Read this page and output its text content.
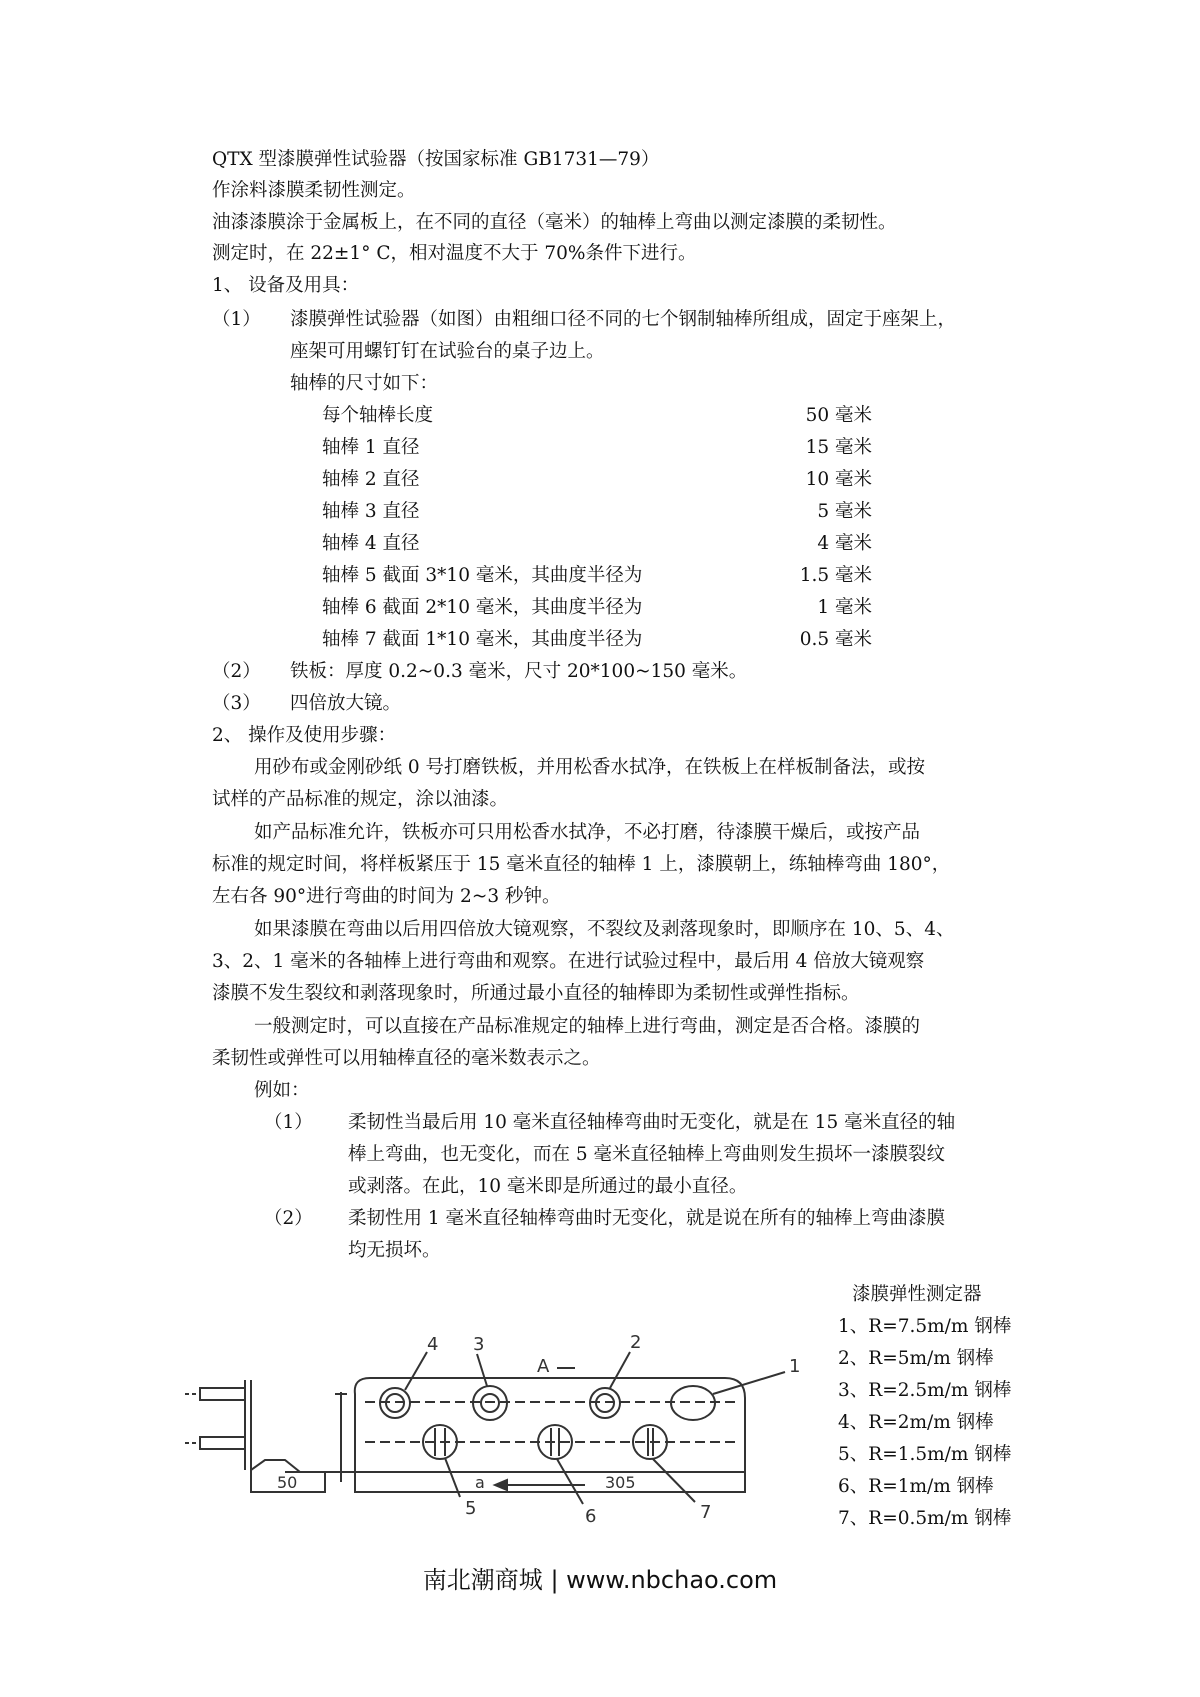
QTX 型漆膜弹性试验器（按国家标准 GB1731—79）
作涂料漆膜柔韧性测定。
油漆漆膜涂于金属板上，在不同的直径（毫米）的轴棒上弯曲以测定漆膜的柔韧性。
测定时，在 22±1° C，相对温度不大于 70%条件下进行。
1、 设备及用具：
（1） 漆膜弹性试验器（如图）由粗细口径不同的七个钢制轴棒所组成，固定于座架上，
座架可用螺钉钉在试验台的桌子边上。
轴棒的尺寸如下：
每个轴棒长度	50 毫米
轴棒 1 直径	15 毫米
轴棒 2 直径	10 毫米
轴棒 3 直径	5 毫米
轴棒 4 直径	4 毫米
轴棒 5 截面 3*10 毫米，其曲度半径为	1.5 毫米
轴棒 6 截面 2*10 毫米，其曲度半径为	1 毫米
轴棒 7 截面 1*10 毫米，其曲度半径为	0.5 毫米
（2） 铁板：厚度 0.2~0.3 毫米，尺寸 20*100~150 毫米。
（3） 四倍放大镜。
2、 操作及使用步骤：
用砂布或金刚砂纸 0 号打磨铁板，并用松香水拭净，在铁板上在样板制备法，或按
试样的产品标准的规定，涂以油漆。
如产品标准允许，铁板亦可只用松香水拭净，不必打磨，待漆膜干燥后，或按产品
标准的规定时间，将样板紧压于 15 毫米直径的轴棒 1 上，漆膜朝上，练轴棒弯曲 180°，
左右各 90°进行弯曲的时间为 2~3 秒钟。
如果漆膜在弯曲以后用四倍放大镜观察，不裂纹及剥落现象时，即顺序在 10、5、4、
3、2、1 毫米的各轴棒上进行弯曲和观察。在进行试验过程中，最后用 4 倍放大镜观察
漆膜不发生裂纹和剥落现象时，所通过最小直径的轴棒即为柔韧性或弹性指标。
一般测定时，可以直接在产品标准规定的轴棒上进行弯曲，测定是否合格。漆膜的
柔韧性或弹性可以用轴棒直径的毫米数表示之。
例如：
（1） 柔韧性当最后用 10 毫米直径轴棒弯曲时无变化，就是在 15 毫米直径的轴
棒上弯曲，也无变化，而在 5 毫米直径轴棒上弯曲则发生损坏一漆膜裂纹
或剥落。在此，10 毫米即是所通过的最小直径。
（2） 柔韧性用 1 毫米直径轴棒弯曲时无变化，就是说在所有的轴棒上弯曲漆膜
均无损坏。
50
4 3	2
1
A
5	6	7
a	305
漆膜弹性测定器
1、R=7.5m/m 钢棒
2、R=5m/m 钢棒
3、R=2.5m/m 钢棒
4、R=2m/m 钢棒
5、R=1.5m/m 钢棒
6、R=1m/m 钢棒
7、R=0.5m/m 钢棒
南北潮商城 | www.nbchao.com
